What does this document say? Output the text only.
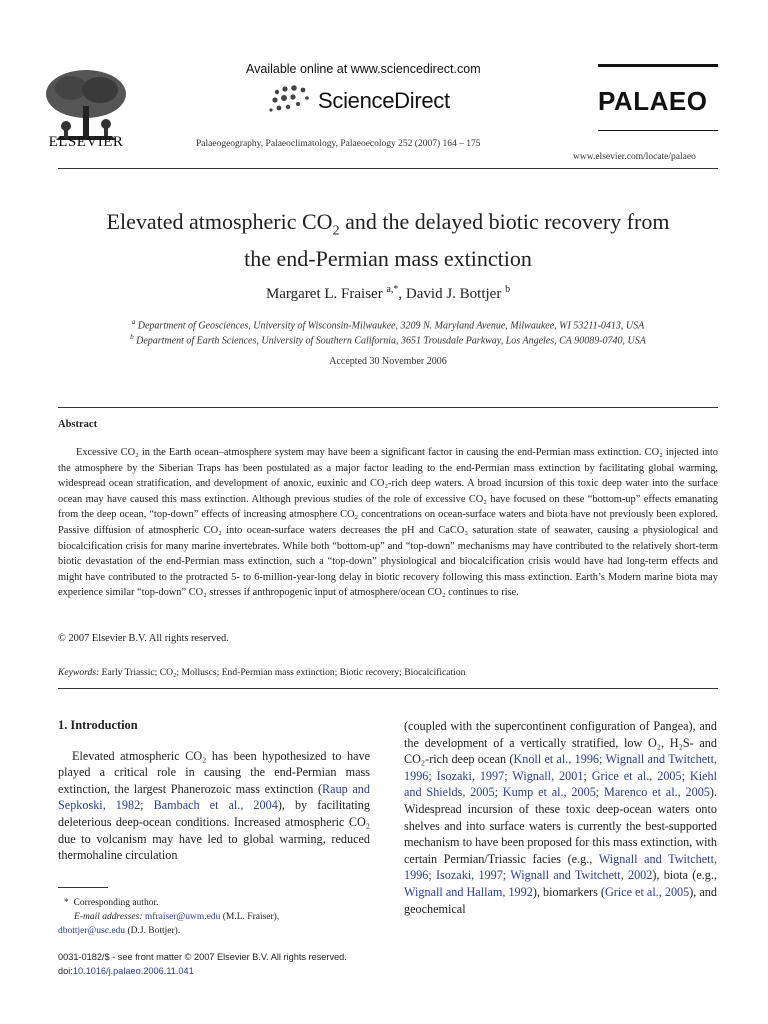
ELSEVIER
Available online at www.sciencedirect.com
ScienceDirect
Palaeogeography, Palaeoclimatology, Palaeoecology 252 (2007) 164 – 175
PALAEO
www.elsevier.com/locate/palaeo
Elevated atmospheric $CO_2$ and the delayed biotic recovery from
the end-Permian mass extinction
Margaret L. Fraiser $^{a,*}$, David J. Bottjer $^b$
$^a$ Department of Geosciences, University of Wisconsin-Milwaukee, 3209 N. Maryland Avenue, Milwaukee, WI 53211-0413, USA
$^b$ Department of Earth Sciences, University of Southern California, 3651 Trousdale Parkway, Los Angeles, CA 90089-0740, USA
Accepted 30 November 2006
Abstract

Excessive CO₂ in the Earth ocean–atmosphere system may have been a significant factor in causing the end-Permian mass extinction. CO₂ injected into the atmosphere by the Siberian Traps has been postulated as a major factor leading to the end-Permian mass extinction by facilitating global warming, widespread ocean stratification, and development of anoxic, euxinic and CO₂-rich deep waters. A broad incursion of this toxic deep water into the surface ocean may have caused this mass extinction. Although previous studies of the role of excessive CO₂ have focused on these “bottom-up” effects emanating from the deep ocean, “top-down” effects of increasing atmosphere CO₂ concentrations on ocean-surface waters and biota have not previously been explored. Passive diffusion of atmospheric CO₂ into ocean-surface waters decreases the pH and CaCO₃ saturation state of seawater, causing a physiological and biocalcification crisis for many marine invertebrates. While both “bottom-up” and “top-down” mechanisms may have contributed to the relatively short-term biotic devastation of the end-Permian mass extinction, such a “top-down” physiological and biocalcification crisis would have had long-term effects and might have contributed to the protracted 5- to 6-million-year-long delay in biotic recovery following this mass extinction. Earth’s Modern marine biota may experience similar “top-down” CO₂ stresses if anthropogenic input of atmosphere/ocean CO₂ continues to rise.

© 2007 Elsevier B.V. All rights reserved.
Keywords: Early Triassic; CO₂; Molluscs; End-Permian mass extinction; Biotic recovery; Biocalcification
1. Introduction

Elevated atmospheric CO₂ has been hypothesized to have played a critical role in causing the end-Permian mass extinction, the largest Phanerozoic mass extinction (Raup and Sepkoski, 1982; Bambach et al., 2004), by facilitating deleterious deep-ocean conditions. Increased atmospheric CO₂ due to volcanism may have led to global warming, reduced thermohaline circulation

(coupled with the supercontinent configuration of Pangea), and the development of a vertically stratified, low O₂, H₂S- and CO₂-rich deep ocean (Knoll et al., 1996; Wignall and Twitchett, 1996; Isozaki, 1997; Wignall, 2001; Grice et al., 2005; Kiehl and Shields, 2005; Kump et al., 2005; Marenco et al., 2005). Widespread incursion of these toxic deep-ocean waters onto shelves and into surface waters is currently the best-supported mechanism to have been proposed for this mass extinction, with certain Permian/Triassic facies (e.g., Wignall and Twitchett, 1996; Isozaki, 1997; Wignall and Twitchett, 2002), biota (e.g., Wignall and Hallam, 1992), biomarkers (Grice et al., 2005), and geochemical

* Corresponding author.
E-mail addresses: mfraiser@uwm.edu (M.L. Fraiser),
dbottjer@usc.edu (D.J. Bottjer).
0031-0182/$ - see front matter © 2007 Elsevier B.V. All rights reserved.
doi:10.1016/j.palaeo.2006.11.041
